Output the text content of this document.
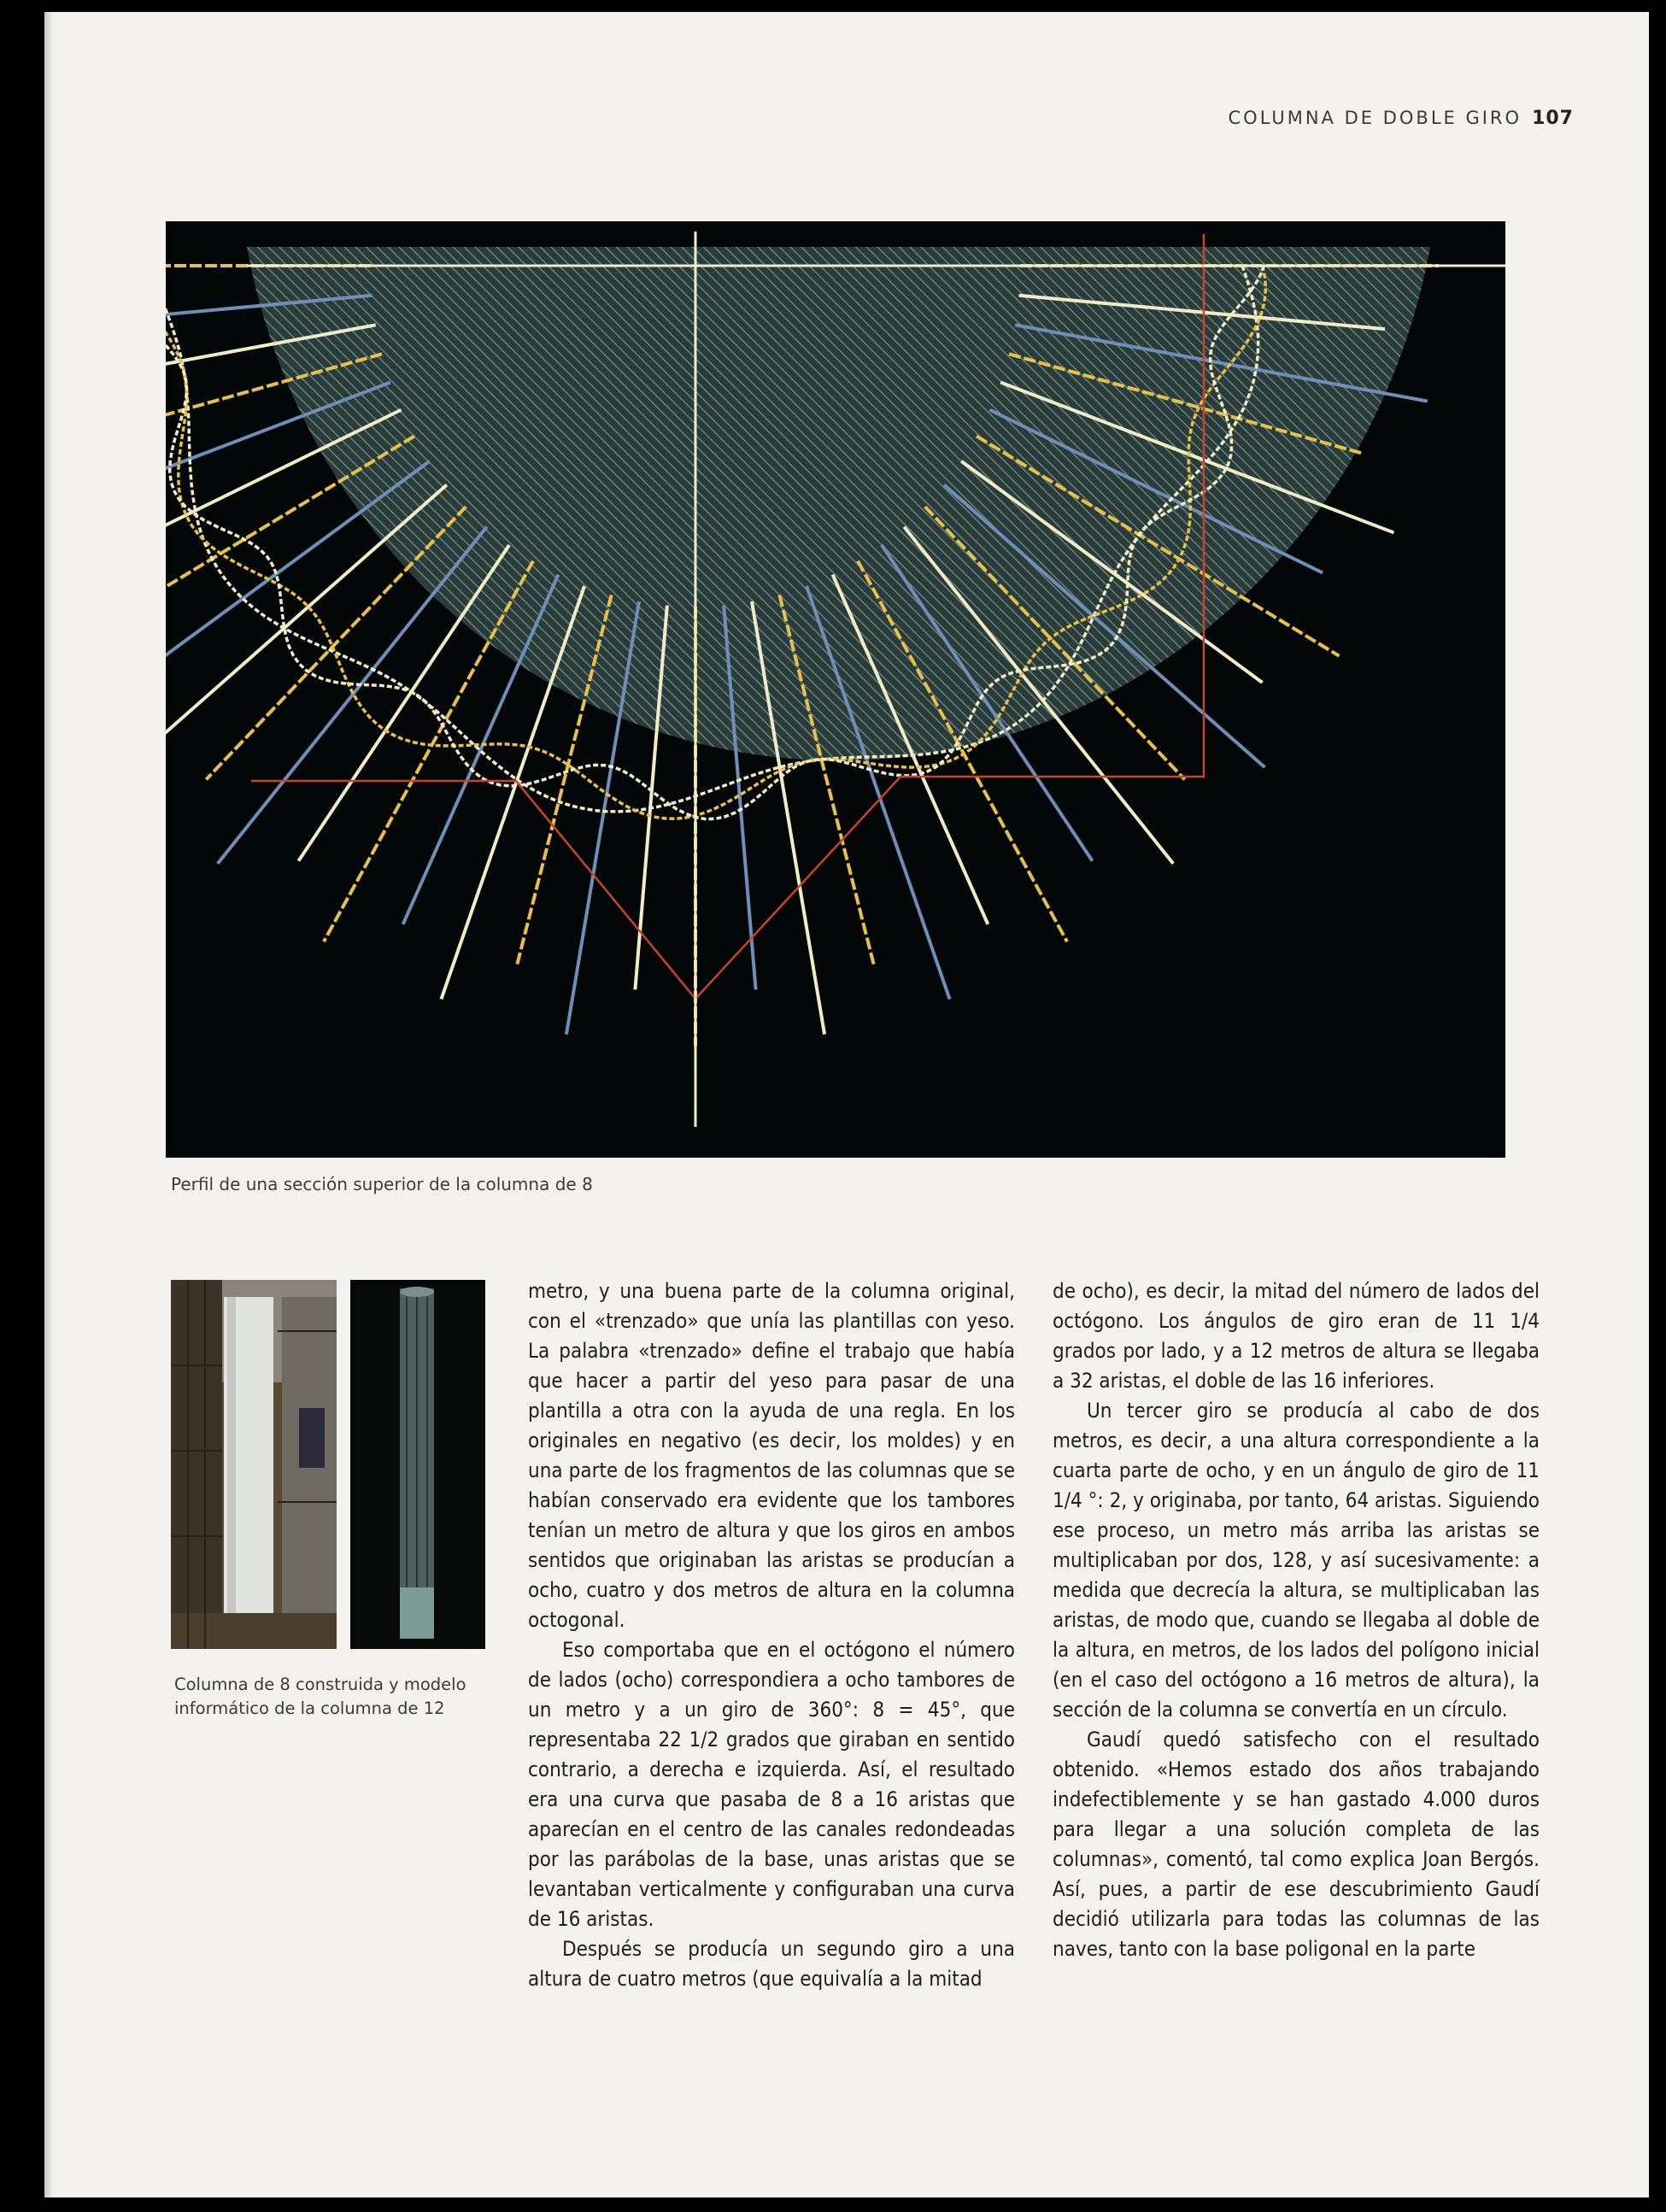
COLUMNA DE DOBLE GIRO 107
Perfil de una sección superior de la columna de 8
Columna de 8 construida y modelo informático de la columna de 12

metro, y una buena parte de la columna original, con el «trenzado» que unía las plantillas con yeso. La palabra «trenzado» define el trabajo que había que hacer a partir del yeso para pasar de una plantilla a otra con la ayuda de una regla. En los originales en negativo (es decir, los moldes) y en una parte de los fragmentos de las columnas que se habían conservado era evidente que los tambores tenían un metro de altura y que los giros en ambos sentidos que originaban las aristas se producían a ocho, cuatro y dos metros de altura en la columna octogonal.

Eso comportaba que en el octógono el número de lados (ocho) correspondiera a ocho tambores de un metro y a un giro de 360°: 8 = 45°, que representaba 22 1/2 grados que giraban en sentido contrario, a derecha e izquierda. Así, el resultado era una curva que pasaba de 8 a 16 aristas que aparecían en el centro de las canales redondeadas por las parábolas de la base, unas aristas que se levantaban verticalmente y configuraban una curva de 16 aristas.

Después se producía un segundo giro a una altura de cuatro metros (que equivalía a la mitad

de ocho), es decir, la mitad del número de lados del octógono. Los ángulos de giro eran de 11 1/4 grados por lado, y a 12 metros de altura se llegaba a 32 aristas, el doble de las 16 inferiores.

Un tercer giro se producía al cabo de dos metros, es decir, a una altura correspondiente a la cuarta parte de ocho, y en un ángulo de giro de 11 1/4 °: 2, y originaba, por tanto, 64 aristas. Siguiendo ese proceso, un metro más arriba las aristas se multiplicaban por dos, 128, y así sucesivamente: a medida que decrecía la altura, se multiplicaban las aristas, de modo que, cuando se llegaba al doble de la altura, en metros, de los lados del polígono inicial (en el caso del octógono a 16 metros de altura), la sección de la columna se convertía en un círculo.

Gaudí quedó satisfecho con el resultado obtenido. «Hemos estado dos años trabajando indefectiblemente y se han gastado 4.000 duros para llegar a una solución completa de las columnas», comentó, tal como explica Joan Bergós. Así, pues, a partir de ese descubrimiento Gaudí decidió utilizarla para todas las columnas de las naves, tanto con la base poligonal en la parte
